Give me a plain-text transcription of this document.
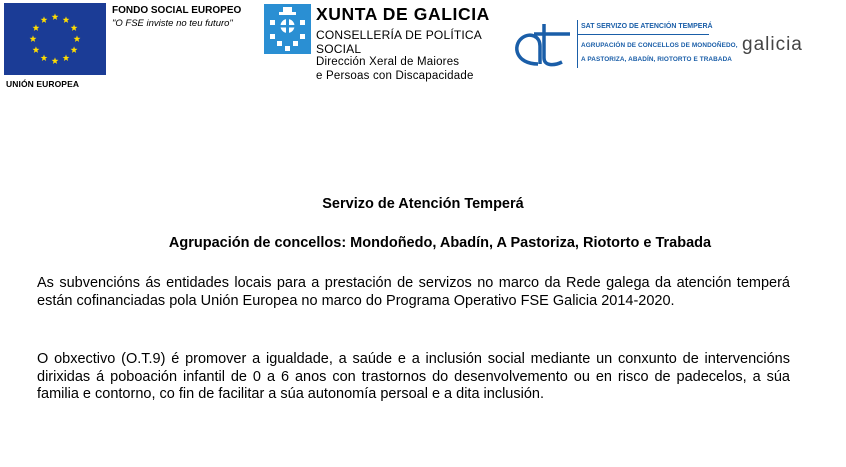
UNIÓN EUROPEA
FONDO SOCIAL EUROPEO
"O FSE inviste no teu futuro"	XUNTA DE GALICIA
CONSELLERÍA DE POLÍTICA
SOCIAL
Dirección Xeral de Maiores
e Persoas con Discapacidade
SAT SERVIZO DE ATENCIÓN TEMPERÁ
AGRUPACIÓN DE CONCELLOS DE MONDOÑEDO,
A PASTORIZA, ABADÍN, RIOTORTO E TRABADA
galicia
Servizo de Atención Temperá
Agrupación de concellos: Mondoñedo, Abadín, A Pastoriza, Riotorto e Trabada
As subvencións ás entidades locais para a prestación de servizos no marco da Rede galega da atención temperá están cofinanciadas pola Unión Europea no marco do Programa Operativo FSE Galicia 2014-2020.
O obxectivo (O.T.9) é promover a igualdade, a saúde e a inclusión social mediante un conxunto de intervencións dirixidas á poboación infantil de 0 a 6 anos con trastornos do desenvolvemento ou en risco de padecelos, a súa familia e contorno, co fin de facilitar a súa autonomía persoal e a dita inclusión.
